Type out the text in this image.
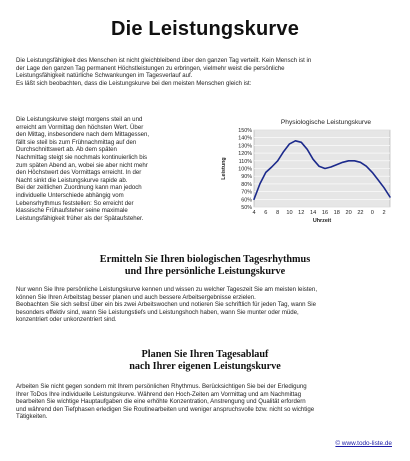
Die Leistungskurve
Die Leistungsfähigkeit des Menschen ist nicht gleichbleibend über den ganzen Tag verteilt. Kein Mensch ist in
der Lage den ganzen Tag permanent Höchstleistungen zu erbringen, vielmehr weist die persönliche
Leistungsfähigkeit natürliche Schwankungen im Tagesverlauf auf.
Es läßt sich beobachten, dass die Leistungskurve bei den meisten Menschen gleich ist:
Die Leistungskurve steigt morgens steil an und
erreicht am Vormittag den höchsten Wert. Über
den Mittag, insbesondere nach dem Mittagessen,
fällt sie steil bis zum Frühnachmittag auf den
Durchschnittswert ab. Ab dem späten
Nachmittag steigt sie nochmals kontinuierlich bis
zum späten Abend an, wobei sie aber nicht mehr
den Höchstwert des Vormittags erreicht. In der
Nacht sinkt die Leistungskurve rapide ab.
Bei der zeitlichen Zuordnung kann man jedoch
individuelle Unterschiede abhängig vom
Lebensrhythmus feststellen: So erreicht der
klassische Frühaufsteher seine maximale
Leistungsfähigkeit früher als der Spätaufsteher.
Physiologische Leistungskurve
50%
60%
70%
80%
90%
100%
110%
120%
130%
140%
150%
4 6 8 10 12 14 16 18 20 22 0 2
Uhrzeit
Leistung
Ermitteln Sie Ihren biologischen Tagesrhythmus
und Ihre persönliche Leistungskurve
Nur wenn Sie Ihre persönliche Leistungskurve kennen und wissen zu welcher Tageszeit Sie am meisten leisten,
können Sie Ihren Arbeitstag besser planen und auch bessere Arbeitsergebnisse erzielen.
Beobachten Sie sich selbst über ein bis zwei Arbeitswochen und notieren Sie schriftlich für jeden Tag, wann Sie
besonders effektiv sind, wann Sie Leistungstiefs und Leistungshoch haben, wann Sie munter oder müde,
konzentriert oder unkonzentriert sind.
Planen Sie Ihren Tagesablauf
nach Ihrer eigenen Leistungskurve
Arbeiten Sie nicht gegen sondern mit Ihrem persönlichen Rhythmus. Berücksichtigen Sie bei der Erledigung
Ihrer ToDos Ihre individuelle Leistungskurve. Während den Hoch-Zeiten am Vormittag und am Nachmittag
bearbeiten Sie wichtige Hauptaufgaben die eine erhöhte Konzentration, Anstrengung und Qualität erfordern
und während den Tiefphasen erledigen Sie Routinearbeiten und weniger anspruchsvolle bzw. nicht so wichtige
Tätigkeiten.
© www.todo-liste.de
